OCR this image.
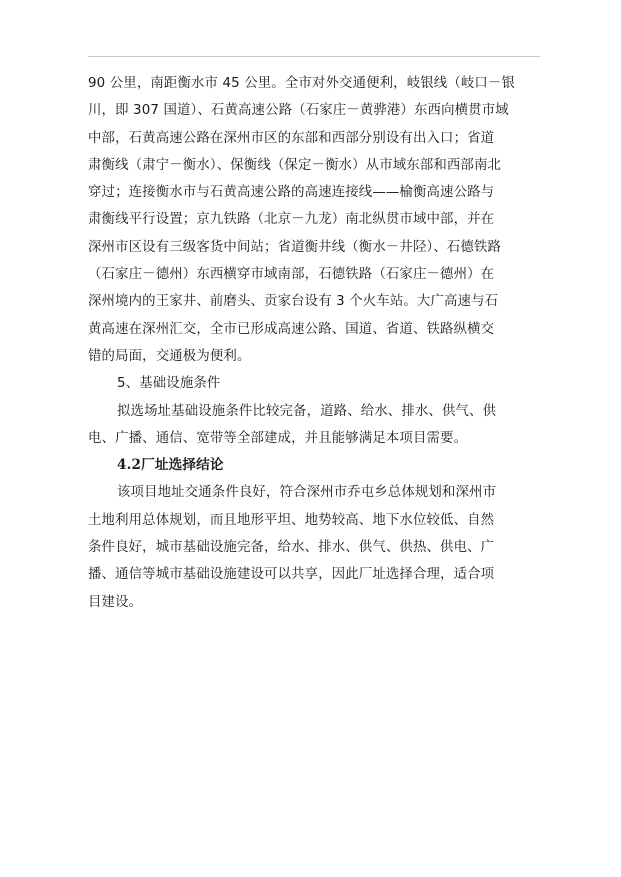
90 公里，南距衡水市 45 公里。全市对外交通便利，岐银线（岐口－银
川，即 307 国道）、石黄高速公路（石家庄－黄骅港）东西向横贯市域
中部，石黄高速公路在深州市区的东部和西部分别设有出入口；省道
肃衡线（肃宁－衡水）、保衡线（保定－衡水）从市域东部和西部南北
穿过；连接衡水市与石黄高速公路的高速连接线——榆衡高速公路与
肃衡线平行设置；京九铁路（北京－九龙）南北纵贯市域中部，并在
深州市区设有三级客货中间站；省道衡井线（衡水－井陉）、石德铁路
（石家庄－德州）东西横穿市域南部，石德铁路（石家庄－德州）在
深州境内的王家井、前磨头、贡家台设有 3 个火车站。大广高速与石
黄高速在深州汇交，全市已形成高速公路、国道、省道、铁路纵横交
错的局面，交通极为便利。
5、基础设施条件
拟选场址基础设施条件比较完备，道路、给水、排水、供气、供
电、广播、通信、宽带等全部建成，并且能够满足本项目需要。
4.2厂址选择结论
该项目地址交通条件良好，符合深州市乔屯乡总体规划和深州市
土地利用总体规划，而且地形平坦、地势较高、地下水位较低、自然
条件良好，城市基础设施完备，给水、排水、供气、供热、供电、广
播、通信等城市基础设施建设可以共享，因此厂址选择合理，适合项
目建设。
